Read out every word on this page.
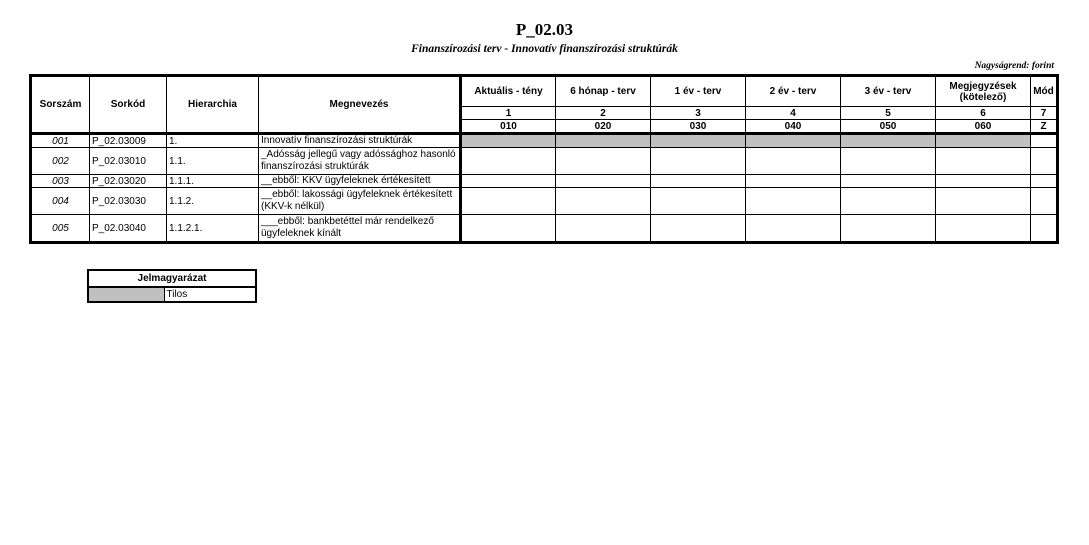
P_02.03
Finanszírozási terv - Innovatív finanszírozási struktúrák
Nagyságrend: forint
Sorszám	Sorkód	Hierarchia	Megnevezés	Aktuális - tény	6 hónap - terv	1 év - terv	2 év - terv	3 év - terv	Megjegyzések (kötelező)	Mód
				1	2	3	4	5	6	7
				010	020	030	040	050	060	Z
001	P_02.03009	1.	Innovatív finanszírozási struktúrák							
002	P_02.03010	1.1.	_Adósság jellegű vagy adóssághoz hasonló finanszírozási struktúrák							
003	P_02.03020	1.1.1.	__ebből: KKV ügyfeleknek értékesített							
004	P_02.03030	1.1.2.	__ebből: lakossági ügyfeleknek értékesített (KKV-k nélkül)							
005	P_02.03040	1.1.2.1.	___ebből: bankbetéttel már rendelkező ügyfeleknek kínált							
Jelmagyarázat
	Tilos
